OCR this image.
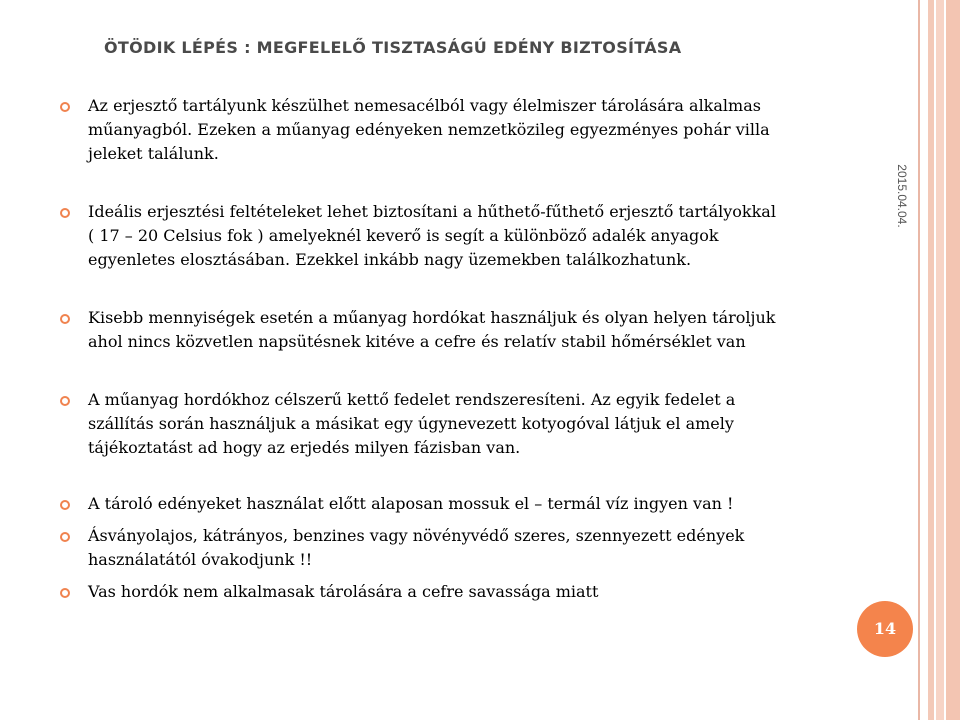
ÖTÖDIK LÉPÉS : MEGFELELŐ TISZTASÁGÚ EDÉNY BIZTOSÍTÁSA
Az erjesztő tartályunk készülhet nemesacélból vagy élelmiszer tárolására alkalmas
műanyagból. Ezeken a műanyag edényeken nemzetközileg egyezményes pohár villa
jeleket találunk.
Ideális erjesztési feltételeket lehet biztosítani a hűthető-fűthető erjesztő tartályokkal
( 17 – 20 Celsius fok ) amelyeknél keverő is segít a különböző adalék anyagok
egyenletes elosztásában. Ezekkel inkább nagy üzemekben találkozhatunk.
Kisebb mennyiségek esetén a műanyag hordókat használjuk és olyan helyen tároljuk
ahol nincs közvetlen napsütésnek kitéve a cefre és relatív stabil hőmérséklet van
A műanyag hordókhoz célszerű kettő fedelet rendszeresíteni. Az egyik fedelet a
szállítás során használjuk a másikat egy úgynevezett kotyogóval látjuk el amely
tájékoztatást ad hogy az erjedés milyen fázisban van.
A tároló edényeket használat előtt alaposan mossuk el – termál víz ingyen van !
Ásványolajos, kátrányos, benzines vagy növényvédő szeres, szennyezett edények
használatától óvakodjunk !!
Vas hordók nem alkalmasak tárolására a cefre savassága miatt
2015.04.04.
14
